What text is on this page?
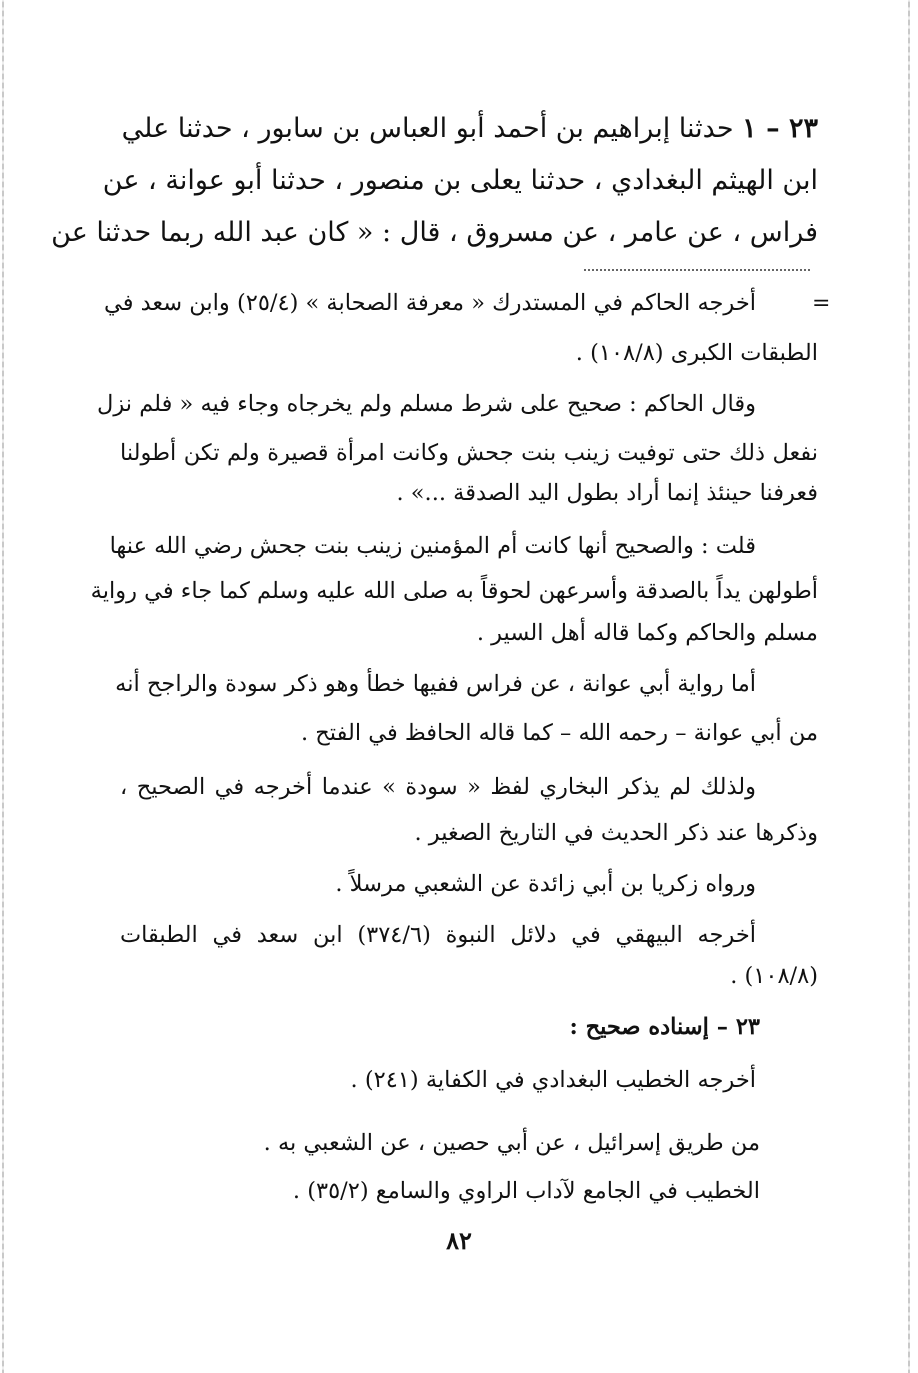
٢٣ – ١ حدثنا إبراهيم بن أحمد أبو العباس بن سابور ، حدثنا علي
ابن الهيثم البغدادي ، حدثنا يعلى بن منصور ، حدثنا أبو عوانة ، عن
فراس ، عن عامر ، عن مسروق ، قال : « كان عبد الله ربما حدثنا عن
=
أخرجه الحاكم في المستدرك « معرفة الصحابة » (٢٥/٤) وابن سعد في
الطبقات الكبرى (١٠٨/٨) .
وقال الحاكم : صحيح على شرط مسلم ولم يخرجاه وجاء فيه « فلم نزل
نفعل ذلك حتى توفيت زينب بنت جحش وكانت امرأة قصيرة ولم تكن أطولنا
فعرفنا حينئذ إنما أراد بطول اليد الصدقة ...» .
قلت : والصحيح أنها كانت أم المؤمنين زينب بنت جحش رضي الله عنها
أطولهن يداً بالصدقة وأسرعهن لحوقاً به صلى الله عليه وسلم كما جاء في رواية
مسلم والحاكم وكما قاله أهل السير .
أما رواية أبي عوانة ، عن فراس ففيها خطأ وهو ذكر سودة والراجح أنه
من أبي عوانة – رحمه الله – كما قاله الحافظ في الفتح .
ولذلك لم يذكر البخاري لفظ « سودة » عندما أخرجه في الصحيح ،
وذكرها عند ذكر الحديث في التاريخ الصغير .
ورواه زكريا بن أبي زائدة عن الشعبي مرسلاً .
أخرجه البيهقي في دلائل النبوة (٣٧٤/٦) ابن سعد في الطبقات
(١٠٨/٨) .
٢٣ – إسناده صحيح :
أخرجه الخطيب البغدادي في الكفاية (٢٤١) .
من طريق إسرائيل ، عن أبي حصين ، عن الشعبي به .
الخطيب في الجامع لآداب الراوي والسامع (٣٥/٢) .
٨٢
